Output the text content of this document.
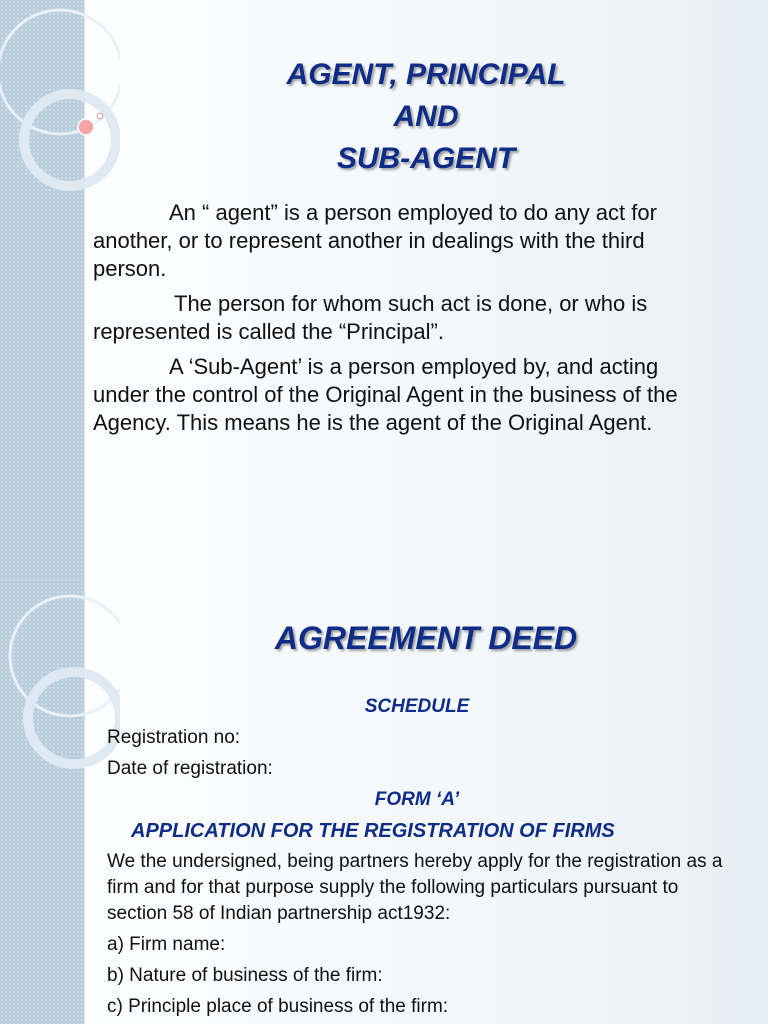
AGENT, PRINCIPAL
AND
SUB-AGENT

An “ agent” is a person employed to do any act for another, or to represent another in dealings with the third person.

The person for whom such act is done, or who is represented is called the “Principal”.

A ‘Sub-Agent’ is a person employed by, and acting under the control of the Original Agent in the business of the Agency. This means he is the agent of the Original Agent.

AGREEMENT DEED

SCHEDULE

Registration no:

Date of registration:

FORM ‘A’

APPLICATION FOR THE REGISTRATION OF FIRMS

We the undersigned, being partners hereby apply for the registration as a firm and for that purpose supply the following particulars pursuant to section 58 of Indian partnership act1932:

a) Firm name:

b) Nature of business of the firm:

c) Principle place of business of the firm:
